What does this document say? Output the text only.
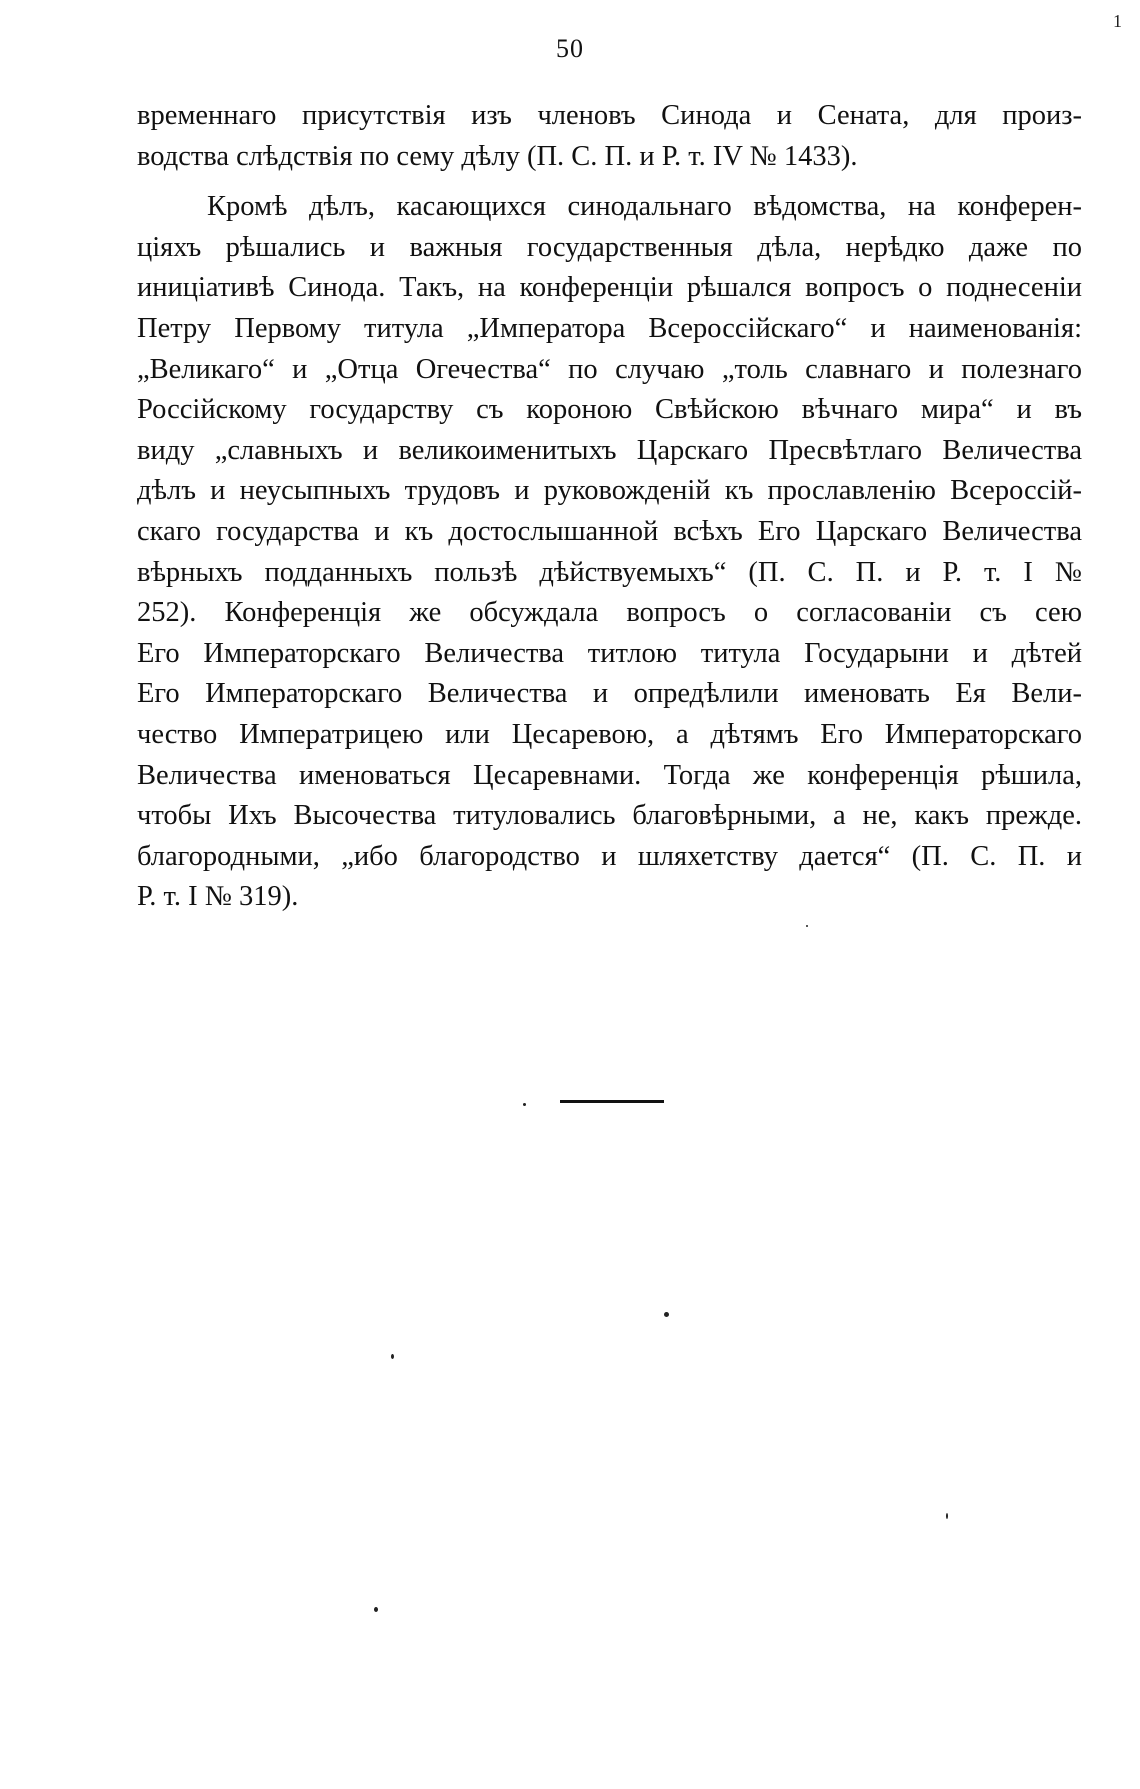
1
50
временнаго присутствія изъ членовъ Синода и Сената, для произ-
водства слѣдствія по сему дѣлу (П. С. П. и Р. т. IV № 1433).
Кромѣ дѣлъ, касающихся синодальнаго вѣдомства, на конферен-
ціяхъ рѣшались и важныя государственныя дѣла, нерѣдко даже по
иниціативѣ Синода. Такъ, на конференціи рѣшался вопросъ о поднесеніи
Петру Первому титула „Императора Всероссійскаго“ и наименованія:
„Великаго“ и „Отца Огечества“ по случаю „толь славнаго и полезнаго
Россійскому государству съ короною Свѣйскою вѣчнаго мира“ и въ
виду „славныхъ и великоименитыхъ Царскаго Пресвѣтлаго Величества
дѣлъ и неусыпныхъ трудовъ и руковожденій къ прославленію Всероссій-
скаго государства и къ достослышанной всѣхъ Его Царскаго Величества
вѣрныхъ подданныхъ пользѣ дѣйствуемыхъ“ (П. С. П. и Р. т. I №
252). Конференція же обсуждала вопросъ о согласованіи съ сею
Его Императорскаго Величества титлою титула Государыни и дѣтей
Его Императорскаго Величества и опредѣлили именовать Ея Вели-
чество Императрицею или Цесаревою, а дѣтямъ Его Императорскаго
Величества именоваться Цесаревнами. Тогда же конференція рѣшила,
чтобы Ихъ Высочества титуловались благовѣрными, а не, какъ прежде.
благородными, „ибо благородство и шляхетству дается“ (П. С. П. и
Р. т. I № 319).
